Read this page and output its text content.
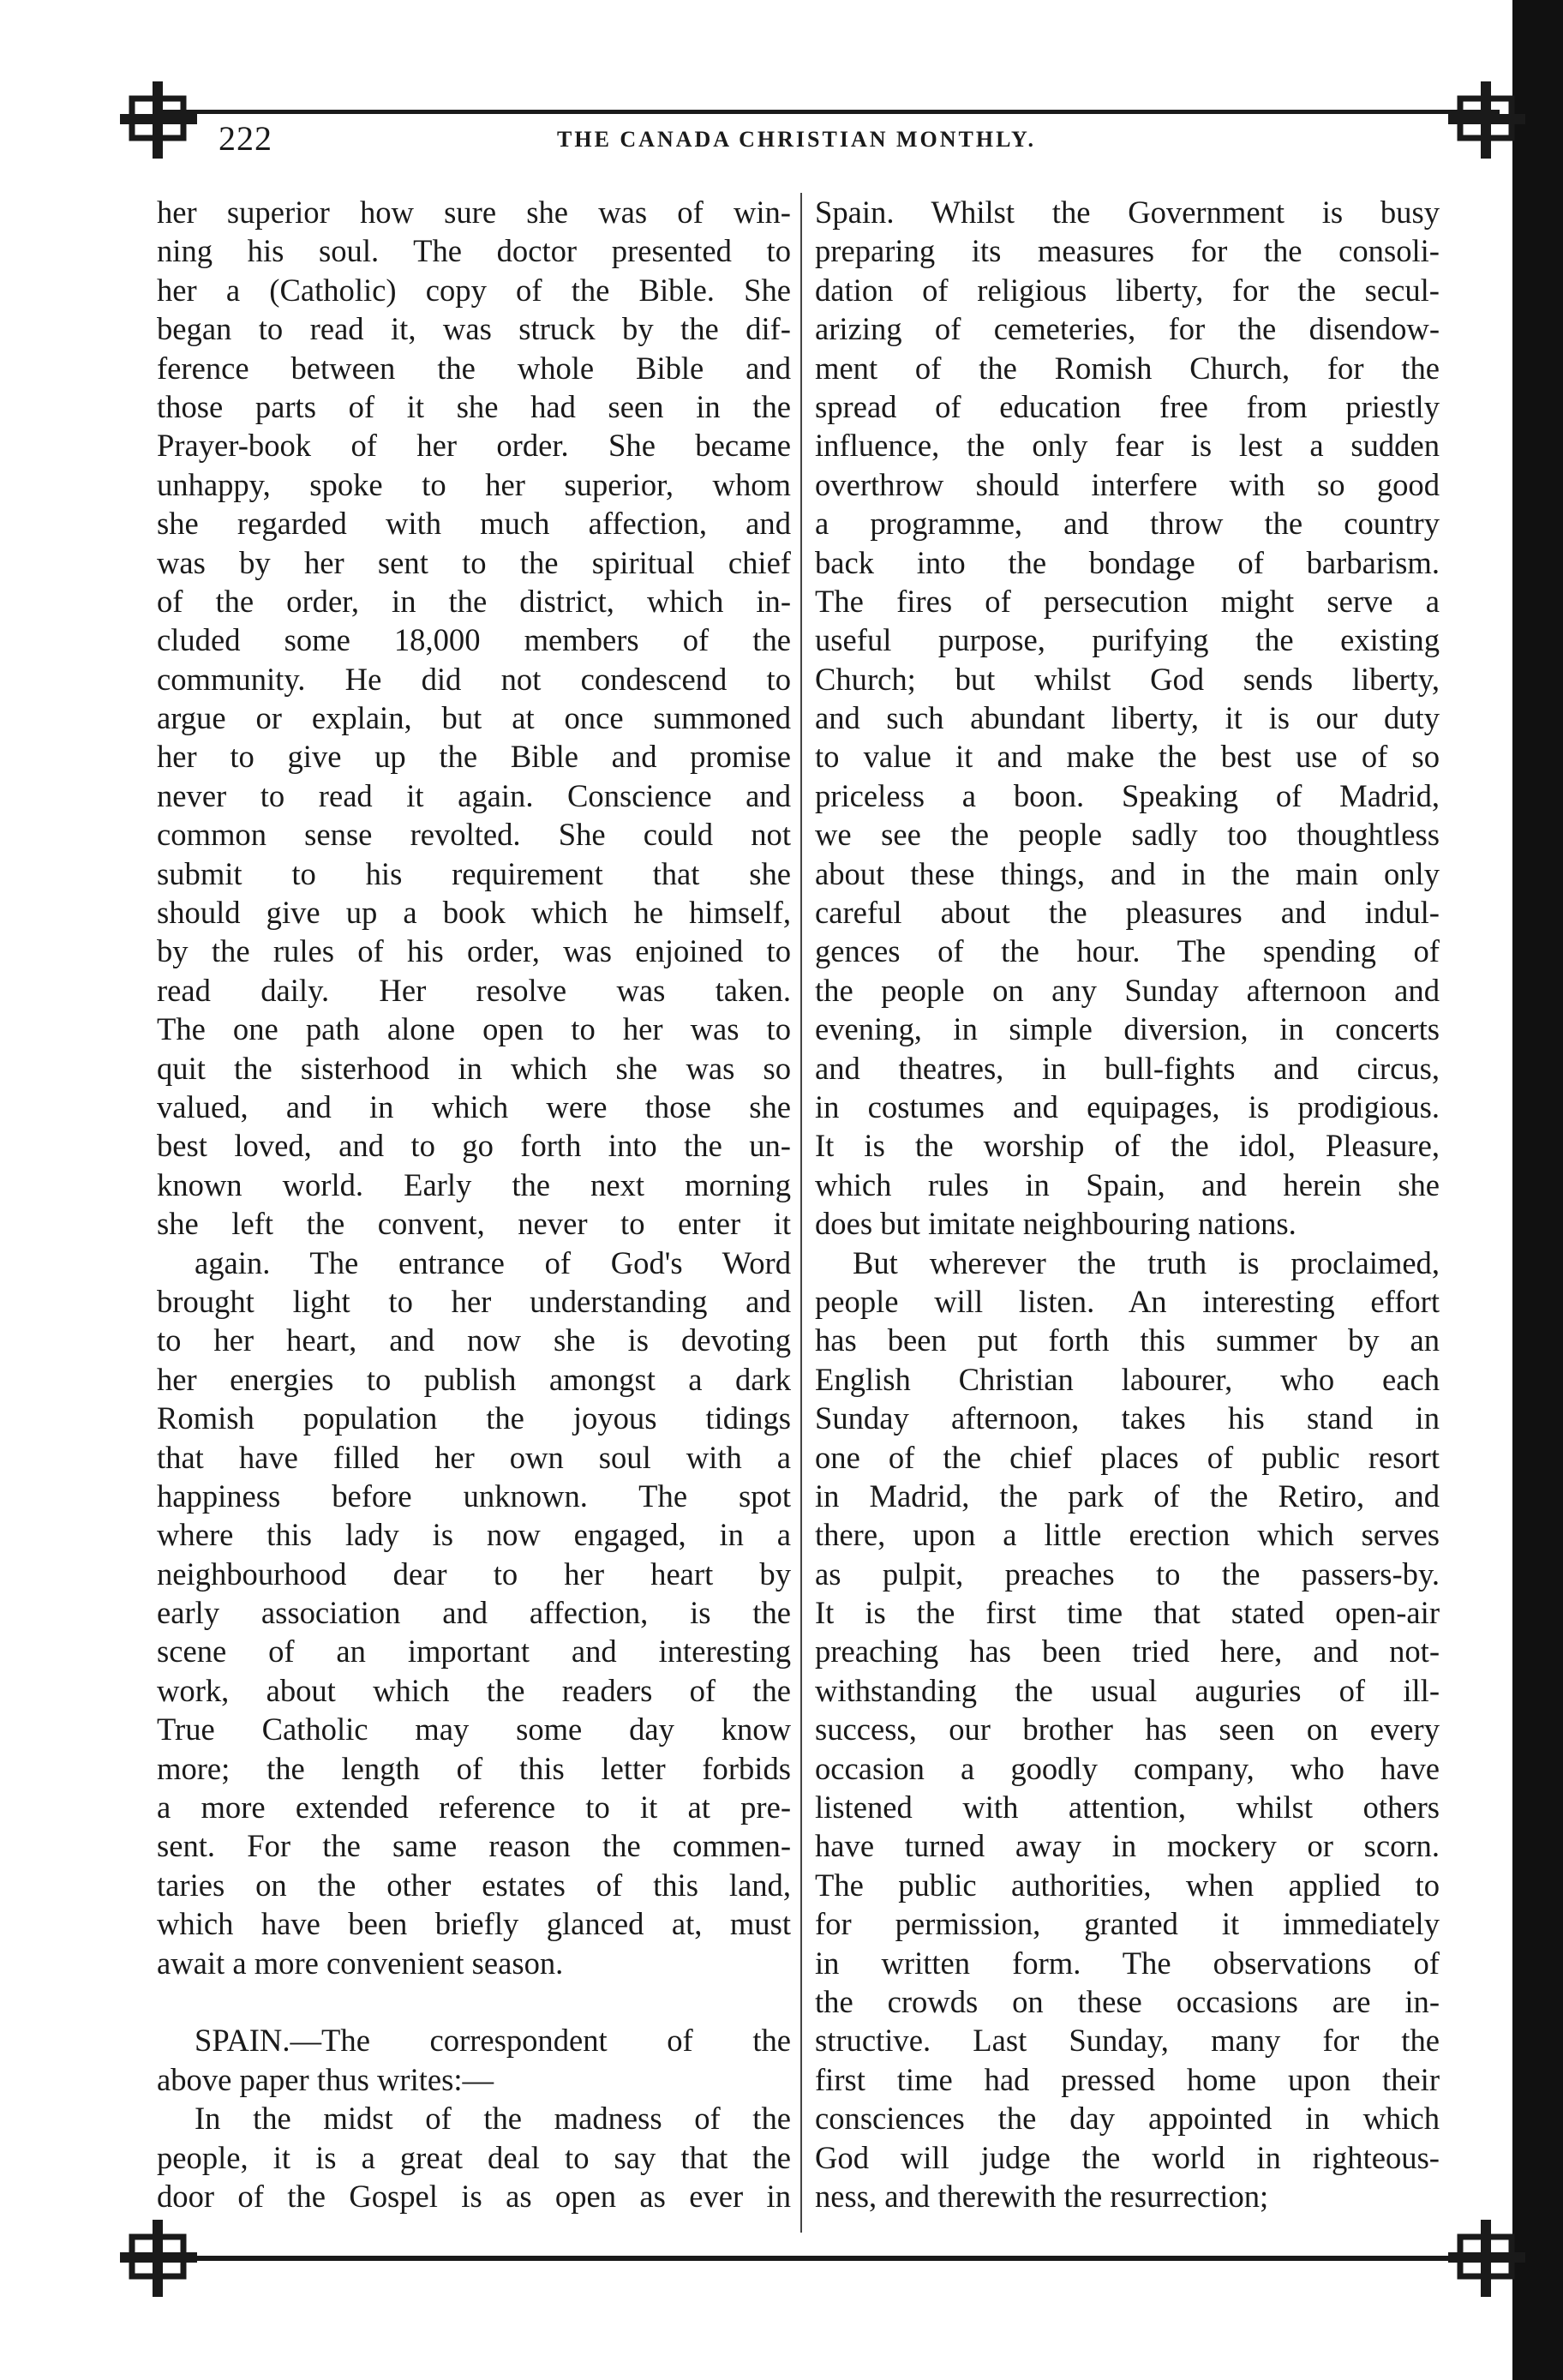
222	THE CANADA CHRISTIAN MONTHLY.
her superior how sure she was of win-
ning his soul. The doctor presented to
her a (Catholic) copy of the Bible. She
began to read it, was struck by the dif-
ference between the whole Bible and
those parts of it she had seen in the
Prayer-book of her order. She became
unhappy, spoke to her superior, whom
she regarded with much affection, and
was by her sent to the spiritual chief
of the order, in the district, which in-
cluded some 18,000 members of the
community. He did not condescend to
argue or explain, but at once summoned
her to give up the Bible and promise
never to read it again. Conscience and
common sense revolted. She could not
submit to his requirement that she
should give up a book which he himself,
by the rules of his order, was enjoined to
read daily. Her resolve was taken.
The one path alone open to her was to
quit the sisterhood in which she was so
valued, and in which were those she
best loved, and to go forth into the un-
known world. Early the next morning
she left the convent, never to enter it
again. The entrance of God's Word
brought light to her understanding and
to her heart, and now she is devoting
her energies to publish amongst a dark
Romish population the joyous tidings
that have filled her own soul with a
happiness before unknown. The spot
where this lady is now engaged, in a
neighbourhood dear to her heart by
early association and affection, is the
scene of an important and interesting
work, about which the readers of the
True Catholic may some day know
more; the length of this letter forbids
a more extended reference to it at pre-
sent. For the same reason the commen-
taries on the other estates of this land,
which have been briefly glanced at, must
await a more convenient season.
SPAIN.—The correspondent of the
above paper thus writes:—
In the midst of the madness of the
people, it is a great deal to say that the
door of the Gospel is as open as ever in
Spain. Whilst the Government is busy
preparing its measures for the consoli-
dation of religious liberty, for the secul-
arizing of cemeteries, for the disendow-
ment of the Romish Church, for the
spread of education free from priestly
influence, the only fear is lest a sudden
overthrow should interfere with so good
a programme, and throw the country
back into the bondage of barbarism.
The fires of persecution might serve a
useful purpose, purifying the existing
Church; but whilst God sends liberty,
and such abundant liberty, it is our duty
to value it and make the best use of so
priceless a boon. Speaking of Madrid,
we see the people sadly too thoughtless
about these things, and in the main only
careful about the pleasures and indul-
gences of the hour. The spending of
the people on any Sunday afternoon and
evening, in simple diversion, in concerts
and theatres, in bull-fights and circus,
in costumes and equipages, is prodigious.
It is the worship of the idol, Pleasure,
which rules in Spain, and herein she
does but imitate neighbouring nations.
But wherever the truth is proclaimed,
people will listen. An interesting effort
has been put forth this summer by an
English Christian labourer, who each
Sunday afternoon, takes his stand in
one of the chief places of public resort
in Madrid, the park of the Retiro, and
there, upon a little erection which serves
as pulpit, preaches to the passers-by.
It is the first time that stated open-air
preaching has been tried here, and not-
withstanding the usual auguries of ill-
success, our brother has seen on every
occasion a goodly company, who have
listened with attention, whilst others
have turned away in mockery or scorn.
The public authorities, when applied to
for permission, granted it immediately
in written form. The observations of
the crowds on these occasions are in-
structive. Last Sunday, many for the
first time had pressed home upon their
consciences the day appointed in which
God will judge the world in righteous-
ness, and therewith the resurrection;
